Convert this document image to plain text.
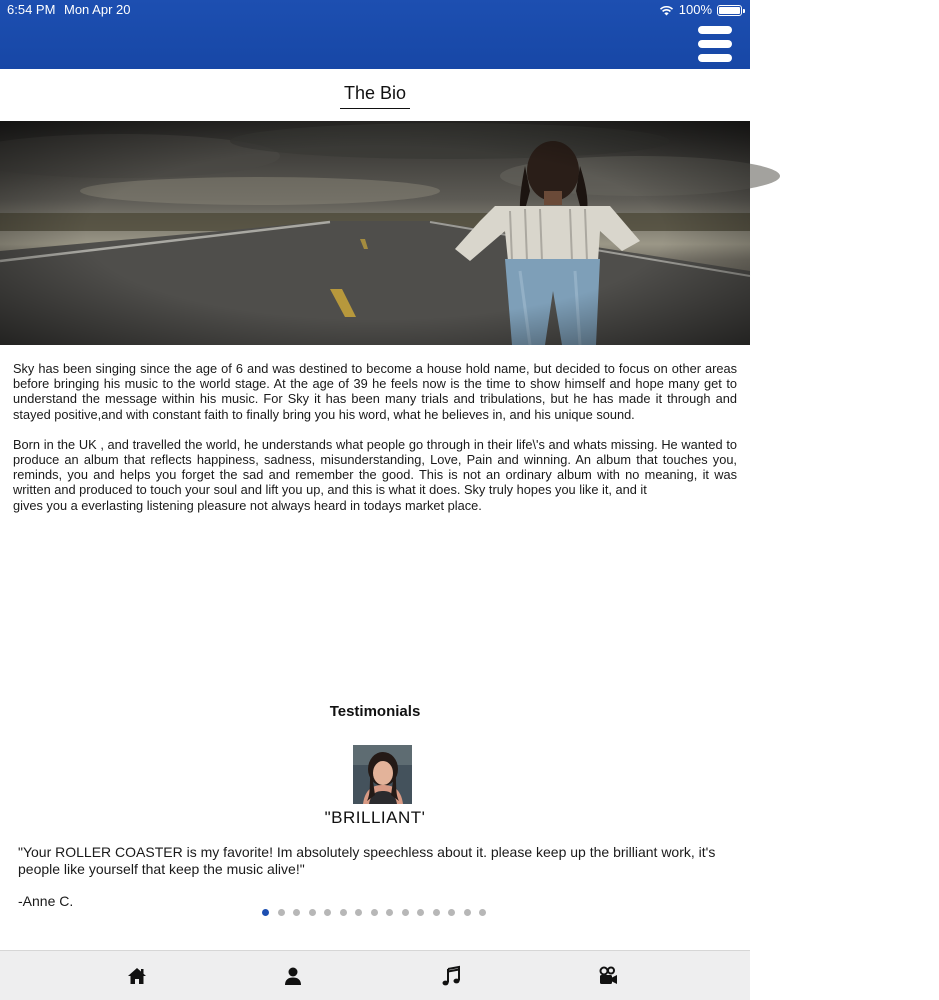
6:54 PM Mon Apr 20
••••
100%
The Bio

Sky has been singing since the age of 6 and was destined to become a house hold name, but decided to focus on other areas before bringing his music to the world stage. At the age of 39 he feels now is the time to show himself and hope many get to understand the message within his music. For Sky it has been many trials and tribulations, but he has made it through and stayed positive,and with constant faith to finally bring you his word, what he believes in, and his unique sound.

Born in the UK , and travelled the world, he understands what people go through in their life\'s and whats missing. He wanted to produce an album that reflects happiness, sadness, misunderstanding, Love, Pain and winning. An album that touches you, reminds, you and helps you forget the sad and remember the good. This is not an ordinary album with no meaning, it was written and produced to touch your soul and lift you up, and this is what it does. Sky truly hopes you like it, and it

gives you a everlasting listening pleasure not always heard in todays market place.

Testimonials
"BRILLIANT'
"Your ROLLER COASTER is my favorite! Im absolutely speechless about it. please keep up the brilliant work, it's people like yourself that keep the music alive!"
-Anne C.
